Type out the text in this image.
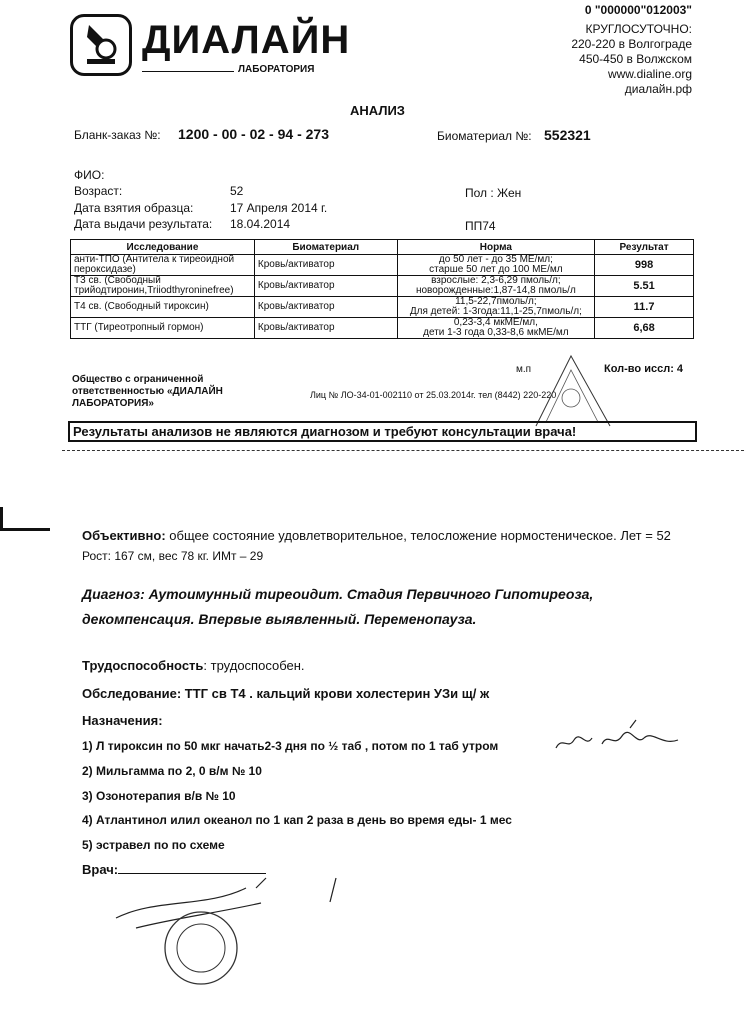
ДИАЛАЙН
ЛАБОРАТОРИЯ
0 "000000"012003"
КРУГЛОСУТОЧНО:
220-220 в Волгограде
450-450 в Волжском
www.dialine.org
диалайн.рф
АНАЛИЗ
Бланк-заказ №: 1200 - 00 - 02 - 94 - 273	Биоматериал №: 552321
ФИО:
Возраст:	52
Дата взятия образца:	17 Апреля 2014 г.
Дата выдачи результата: 18.04.2014
Пол : Жен
ПП74
Исследование	Биоматериал	Норма	Результат
анти-ТПО (Антитела к тиреоидной пероксидазе)	Кровь/активатор	до 50 лет - до 35 МЕ/мл;
старше 50 лет до 100 МЕ/мл	998
Т3 св. (Свободный трийодтиронин,Triiodthyroninefree)	Кровь/активатор	взрослые: 2,3-6,29 пмоль/л;
новорожденные:1,87-14,8 пмоль/л	5.51
Т4 св. (Свободный тироксин)	Кровь/активатор	11,5-22,7пмоль/л;
Для детей: 1-3года:11,1-25,7пмоль/л;	11.7
ТТГ (Тиреотропный гормон)	Кровь/активатор	0,23-3,4 мкМЕ/мл,
дети 1-3 года 0,33-8,6 мкМЕ/мл	6,68
м.п	Кол-во иссл: 4
Общество с ограниченной ответственностью «ДИАЛАЙН ЛАБОРАТОРИЯ»
Лиц № ЛО-34-01-002110 от 25.03.2014г. тел (8442) 220-220
Результаты анализов не являются диагнозом и требуют консультации врача!
Объективно: общее состояние удовлетворительное, телосложение нормостеническое. Лет = 52
Рост: 167 см, вес 78 кг. ИМт – 29
Диагноз: Аутоимунный тиреоидит. Стадия Первичного Гипотиреоза,
декомпенсация. Впервые выявленный. Переменопауза.
Трудоспособность: трудоспособен.
Обследование: ТТГ св Т4 . кальций крови холестерин УЗи щ/ ж
Назначения:
1) Л тироксин по 50 мкг начать2-3 дня по ½ таб , потом по 1 таб утром
2) Мильгамма по 2, 0 в/м № 10
3) Озонотерапия в/в № 10
4) Атлантинол илил океанол по 1 кап 2 раза в день во время еды- 1 мес
5) эстравел по по схеме
Врач:
